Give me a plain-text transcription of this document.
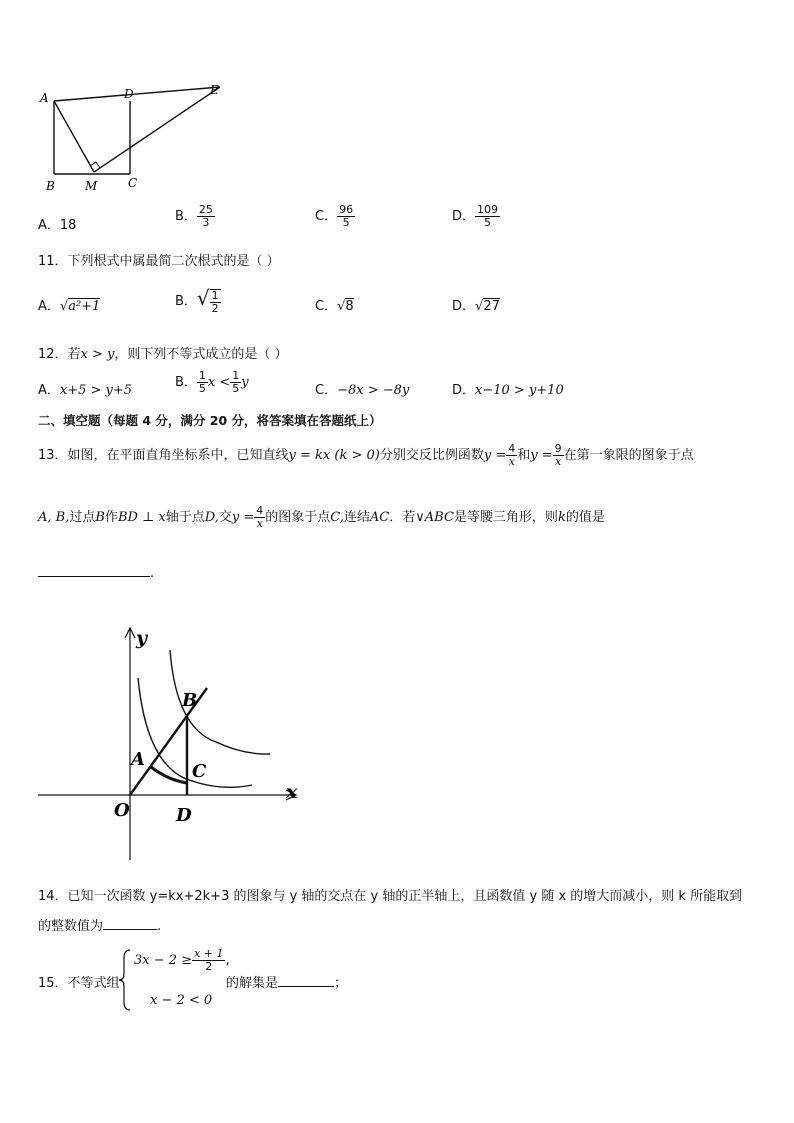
A	D	E
B	M	C
A．18
B． $\frac{25}{3}$	C． $\frac{96}{5}$	D． $\frac{109}{5}$
11．下列根式中属最简二次根式的是（ ）
A．√a²+1	B．√ $\frac{1}{2}$	C．√8	D．√27
12．若x > y，则下列不等式成立的是（ ）
A．x+5 > y+5
B． $\frac{1}{5}$ $x < \frac{1}{5}$ y
C．−8x > −8y	D．x−10 > y+10
二、填空题（每题 4 分，满分 20 分，将答案填在答题纸上）
13．如图，在平面直角坐标系中，已知直线y = kx (k > 0)分别交反比例函数$y = \frac{4}{x}$ 和$y = \frac{9}{x}$ 在第一象限的图象于点
A, B,过点B作BD ⊥ x轴于点D,交$y = \frac{4}{x}$ 的图象于点C,连结AC．若∨ABC是等腰三角形，则k的值是
.
y
x
O
A
B
C
D
14．已知一次函数 y=kx+2k+3 的图象与 y 轴的交点在 y 轴的正半轴上，且函数值 y 随 x 的增大而减小，则 k 所能取到
的整数值为	.
15．不等式组
$3x - 2 \ge \frac{x + 1}{2}$ ,
x − 2 < 0
的解集是	；
